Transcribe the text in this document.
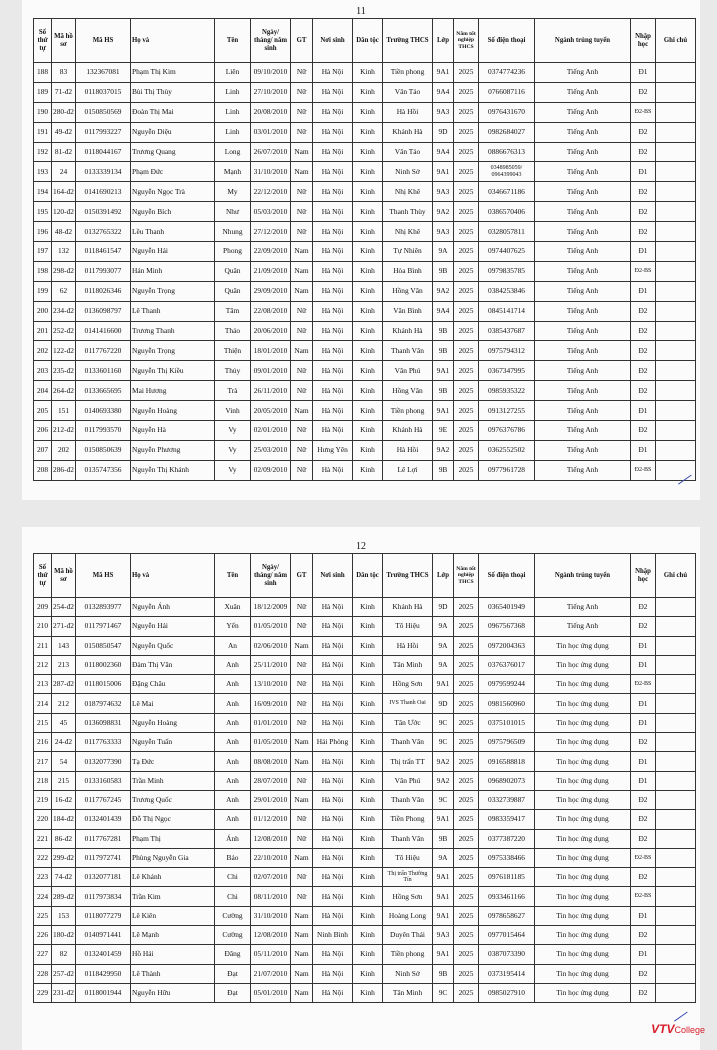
11
Số thứ tự	Mã hồ sơ	Mã HS	Họ và	Tên	Ngày/ tháng/ năm sinh	GT	Nơi sinh	Dân tộc	Trường THCS	Lớp	Năm tốt nghiệp THCS	Số điện thoại	Ngành trúng tuyển	Nhập học	Ghi chú
188	83	132367081	Phạm Thị Kim	Liên	09/10/2010	Nữ	Hà Nội	Kinh	Tiền phong	9A1	2025	0374774236	Tiếng Anh	Đ1	
189	71-đ2	0118037015	Bùi Thị Thùy	Linh	27/10/2010	Nữ	Hà Nội	Kinh	Vân Tảo	9A4	2025	0766087116	Tiếng Anh	Đ2	
190	280-đ2	0150850569	Đoàn Thị Mai	Linh	20/08/2010	Nữ	Hà Nội	Kinh	Hà Hồi	9A3	2025	0976431670	Tiếng Anh	Đ2-BS	
191	49-đ2	0117993227	Nguyễn Diệu	Linh	03/01/2010	Nữ	Hà Nội	Kinh	Khánh Hà	9D	2025	0982684027	Tiếng Anh	Đ2	
192	81-đ2	0118044167	Trương Quang	Long	26/07/2010	Nam	Hà Nội	Kinh	Vân Tảo	9A4	2025	0886676313	Tiếng Anh	Đ2	
193	24	0133339134	Phạm Đức	Mạnh	31/10/2010	Nam	Hà Nội	Kinh	Ninh Sở	9A1	2025	0348985059/ 0964399043	Tiếng Anh	Đ1	
194	164-đ2	0141690213	Nguyễn Ngọc Trà	My	22/12/2010	Nữ	Hà Nội	Kinh	Nhị Khê	9A3	2025	0346671186	Tiếng Anh	Đ2	
195	120-đ2	0150391492	Nguyễn Bích	Như	05/03/2010	Nữ	Hà Nội	Kinh	Thanh Thùy	9A2	2025	0386570406	Tiếng Anh	Đ2	
196	48-đ2	0132765322	Lều Thanh	Nhung	27/12/2010	Nữ	Hà Nội	Kinh	Nhị Khê	9A3	2025	0328057811	Tiếng Anh	Đ2	
197	132	0118461547	Nguyễn Hải	Phong	22/09/2010	Nam	Hà Nội	Kinh	Tự Nhiên	9A	2025	0974407625	Tiếng Anh	Đ1	
198	298-đ2	0117993077	Hán Minh	Quân	21/09/2010	Nam	Hà Nội	Kinh	Hòa Bình	9B	2025	0979835785	Tiếng Anh	Đ2-BS	
199	62	0118026346	Nguyễn Trọng	Quân	29/09/2010	Nam	Hà Nội	Kinh	Hồng Vân	9A2	2025	0384253846	Tiếng Anh	Đ1	
200	234-đ2	0136098797	Lê Thanh	Tâm	22/08/2010	Nữ	Hà Nội	Kinh	Vân Bình	9A4	2025	0845141714	Tiếng Anh	Đ2	
201	252-đ2	0141416600	Trương Thanh	Thảo	20/06/2010	Nữ	Hà Nội	Kinh	Khánh Hà	9B	2025	0385437687	Tiếng Anh	Đ2	
202	122-đ2	0117767220	Nguyễn Trọng	Thiện	18/01/2010	Nam	Hà Nội	Kinh	Thanh Văn	9B	2025	0975794312	Tiếng Anh	Đ2	
203	235-đ2	0133601160	Nguyễn Thị Kiều	Thủy	09/01/2010	Nữ	Hà Nội	Kinh	Văn Phú	9A1	2025	0367347995	Tiếng Anh	Đ2	
204	264-đ2	0133665695	Mai Hương	Trà	26/11/2010	Nữ	Hà Nội	Kinh	Hồng Vân	9B	2025	0985935322	Tiếng Anh	Đ2	
205	151	0140693380	Nguyễn Hoàng	Vinh	20/05/2010	Nam	Hà Nội	Kinh	Tiền phong	9A1	2025	0913127255	Tiếng Anh	Đ1	
206	212-đ2	0117993570	Nguyễn Hà	Vy	02/01/2010	Nữ	Hà Nội	Kinh	Khánh Hà	9E	2025	0976376786	Tiếng Anh	Đ2	
207	202	0150850639	Nguyễn Phương	Vy	25/03/2010	Nữ	Hưng Yên	Kinh	Hà Hồi	9A2	2025	0362552502	Tiếng Anh	Đ1	
208	286-đ2	0135747356	Nguyễn Thị Khánh	Vy	02/09/2010	Nữ	Hà Nội	Kinh	Lê Lợi	9B	2025	0977961728	Tiếng Anh	Đ2-BS	
12
Số thứ tự	Mã hồ sơ	Mã HS	Họ và	Tên	Ngày/ tháng/ năm sinh	GT	Nơi sinh	Dân tộc	Trường THCS	Lớp	Năm tốt nghiệp THCS	Số điện thoại	Ngành trúng tuyển	Nhập học	Ghi chú
209	254-đ2	0132893977	Nguyễn Ánh	Xuân	18/12/2009	Nữ	Hà Nội	Kinh	Khánh Hà	9D	2025	0365401949	Tiếng Anh	Đ2	
210	271-đ2	0117971467	Nguyễn Hải	Yến	01/05/2010	Nữ	Hà Nội	Kinh	Tô Hiệu	9A	2025	0967567368	Tiếng Anh	Đ2	
211	143	0150850547	Nguyễn Quốc	An	02/06/2010	Nam	Hà Nội	Kinh	Hà Hồi	9A	2025	0972004363	Tin học ứng dụng	Đ1	
212	213	0118002360	Đàm Thị Vân	Anh	25/11/2010	Nữ	Hà Nội	Kinh	Tân Minh	9A	2025	0376376017	Tin học ứng dụng	Đ1	
213	287-đ2	0118015006	Đặng Châu	Anh	13/10/2010	Nữ	Hà Nội	Kinh	Hồng Sơn	9A1	2025	0979599244	Tin học ứng dụng	Đ2-BS	
214	212	0187974632	Lê Mai	Anh	16/09/2010	Nữ	Hà Nội	Kinh	IVS Thanh Oai	9D	2025	0981560960	Tin học ứng dụng	Đ1	
215	45	0136098831	Nguyễn Hoàng	Anh	01/01/2010	Nữ	Hà Nội	Kinh	Tân Ước	9C	2025	0375101015	Tin học ứng dụng	Đ1	
216	24-đ2	0117763333	Nguyễn Tuấn	Anh	01/05/2010	Nam	Hải Phòng	Kinh	Thanh Văn	9C	2025	0975796509	Tin học ứng dụng	Đ2	
217	54	0132077390	Tạ Đức	Anh	08/08/2010	Nam	Hà Nội	Kinh	Thị trấn TT	9A2	2025	0916588818	Tin học ứng dụng	Đ1	
218	215	0133160583	Trần Minh	Anh	28/07/2010	Nữ	Hà Nội	Kinh	Văn Phú	9A2	2025	0968902073	Tin học ứng dụng	Đ1	
219	16-đ2	0117767245	Trương Quốc	Anh	29/01/2010	Nam	Hà Nội	Kinh	Thanh Văn	9C	2025	0332739887	Tin học ứng dụng	Đ2	
220	184-đ2	0132401439	Đỗ Thị Ngọc	Anh	01/12/2010	Nữ	Hà Nội	Kinh	Tiền Phong	9A1	2025	0983359417	Tin học ứng dụng	Đ2	
221	86-đ2	0117767281	Phạm Thị	Ánh	12/08/2010	Nữ	Hà Nội	Kinh	Thanh Văn	9B	2025	0377387220	Tin học ứng dụng	Đ2	
222	299-đ2	0117972741	Phùng Nguyễn Gia	Bảo	22/10/2010	Nam	Hà Nội	Kinh	Tô Hiệu	9A	2025	0975338466	Tin học ứng dụng	Đ2-BS	
223	74-đ2	0132077181	Lê Khánh	Chi	02/07/2010	Nữ	Hà Nội	Kinh	Thị trấn Thường Tín	9A1	2025	0976181185	Tin học ứng dụng	Đ2	
224	289-đ2	0117973834	Trần Kim	Chi	08/11/2010	Nữ	Hà Nội	Kinh	Hồng Sơn	9A1	2025	0933461166	Tin học ứng dụng	Đ2-BS	
225	153	0118077279	Lê Kiên	Cường	31/10/2010	Nam	Hà Nội	Kinh	Hoàng Long	9A1	2025	0978658627	Tin học ứng dụng	Đ1	
226	180-đ2	0140971441	Lê Mạnh	Cường	12/08/2010	Nam	Ninh Bình	Kinh	Duyên Thái	9A3	2025	0977015464	Tin học ứng dụng	Đ2	
227	82	0132401459	Hồ Hải	Đăng	05/11/2010	Nam	Hà Nội	Kinh	Tiền phong	9A1	2025	0387073390	Tin học ứng dụng	Đ1	
228	257-đ2	0118429950	Lê Thành	Đạt	21/07/2010	Nam	Hà Nội	Kinh	Ninh Sở	9B	2025	0373195414	Tin học ứng dụng	Đ2	
229	231-đ2	0118001944	Nguyễn Hữu	Đạt	05/01/2010	Nam	Hà Nội	Kinh	Tân Minh	9C	2025	0985027910	Tin học ứng dụng	Đ2	
VTVCollege
